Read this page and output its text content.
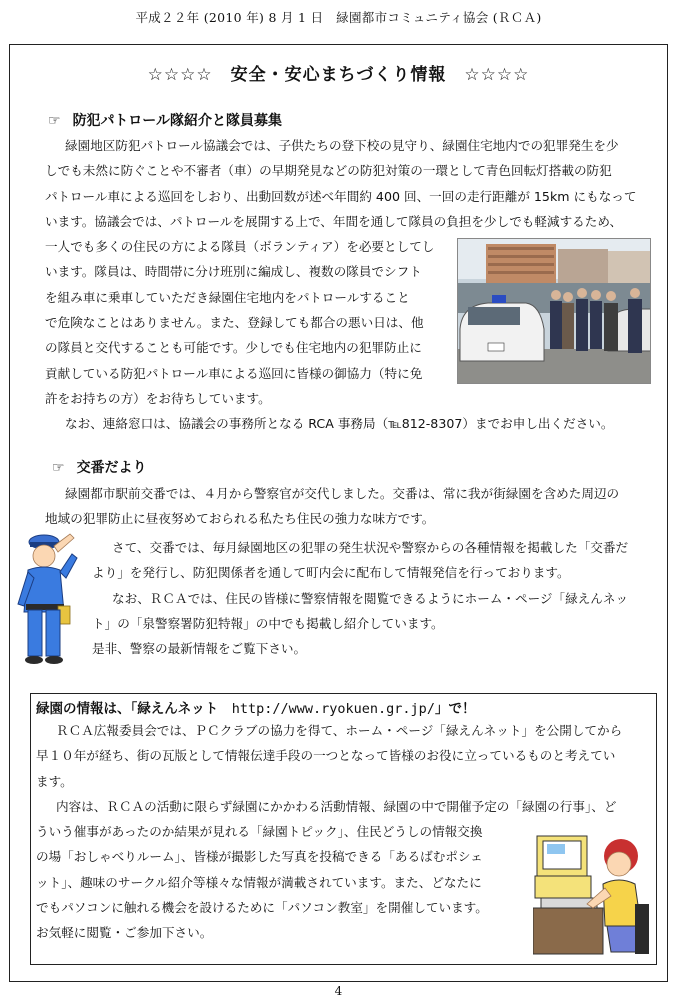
平成２２年 (2010 年) 8 月 1 日　緑園都市コミュニティ協会 (ＲＣＡ)
☆☆☆☆　安全・安心まちづくり情報　☆☆☆☆
☞ 防犯パトロール隊紹介と隊員募集
緑園地区防犯パトロール協議会では、子供たちの登下校の見守り、緑園住宅地内での犯罪発生を少
しでも未然に防ぐことや不審者（車）の早期発見などの防犯対策の一環として青色回転灯搭載の防犯
パトロール車による巡回をしおり、出動回数が述べ年間約 400 回、一回の走行距離が 15km にもなって
います。協議会では、パトロールを展開する上で、年間を通して隊員の負担を少しでも軽減するため、
一人でも多くの住民の方による隊員（ボランティア）を必要としてし
います。隊員は、時間帯に分け班別に編成し、複数の隊員でシフト
を組み車に乗車していただき緑園住宅地内をパトロールすること
で危険なことはありません。また、登録しても都合の悪い日は、他
の隊員と交代することも可能です。少しでも住宅地内の犯罪防止に
貢献している防犯パトロール車による巡回に皆様の御協力（特に免
許をお持ちの方）をお待ちしています。
なお、連絡窓口は、協議会の事務所となる RCA 事務局（℡812-8307）までお申し出ください。
☞ 交番だより
緑園都市駅前交番では、４月から警察官が交代しました。交番は、常に我が街緑園を含めた周辺の
地域の犯罪防止に昼夜努めておられる私たち住民の強力な味方です。
さて、交番では、毎月緑園地区の犯罪の発生状況や警察からの各種情報を掲載した「交番だ
より」を発行し、防犯関係者を通して町内会に配布して情報発信を行っております。
なお、ＲＣＡでは、住民の皆様に警察情報を閲覧できるようにホーム・ページ「緑えんネッ
ト」の「泉警察署防犯特報」の中でも掲載し紹介しています。
是非、警察の最新情報をご覧下さい。
緑園の情報は、「緑えんネット　http://www.ryokuen.gr.jp/」で！
ＲＣＡ広報委員会では、ＰＣクラブの協力を得て、ホーム・ページ「緑えんネット」を公開してから
早１０年が経ち、街の瓦版として情報伝達手段の一つとなって皆様のお役に立っているものと考えてい
ます。
内容は、ＲＣＡの活動に限らず緑園にかかわる活動情報、緑園の中で開催予定の「緑園の行事」、ど
ういう催事があったのか結果が見れる「緑園トピック」、住民どうしの情報交換
の場「おしゃべりルーム」、皆様が撮影した写真を投稿できる「あるばむポシェ
ット」、趣味のサークル紹介等様々な情報が満載されています。また、どなたに
でもパソコンに触れる機会を設けるために「パソコン教室」を開催しています。
お気軽に閲覧・ご参加下さい。
4
